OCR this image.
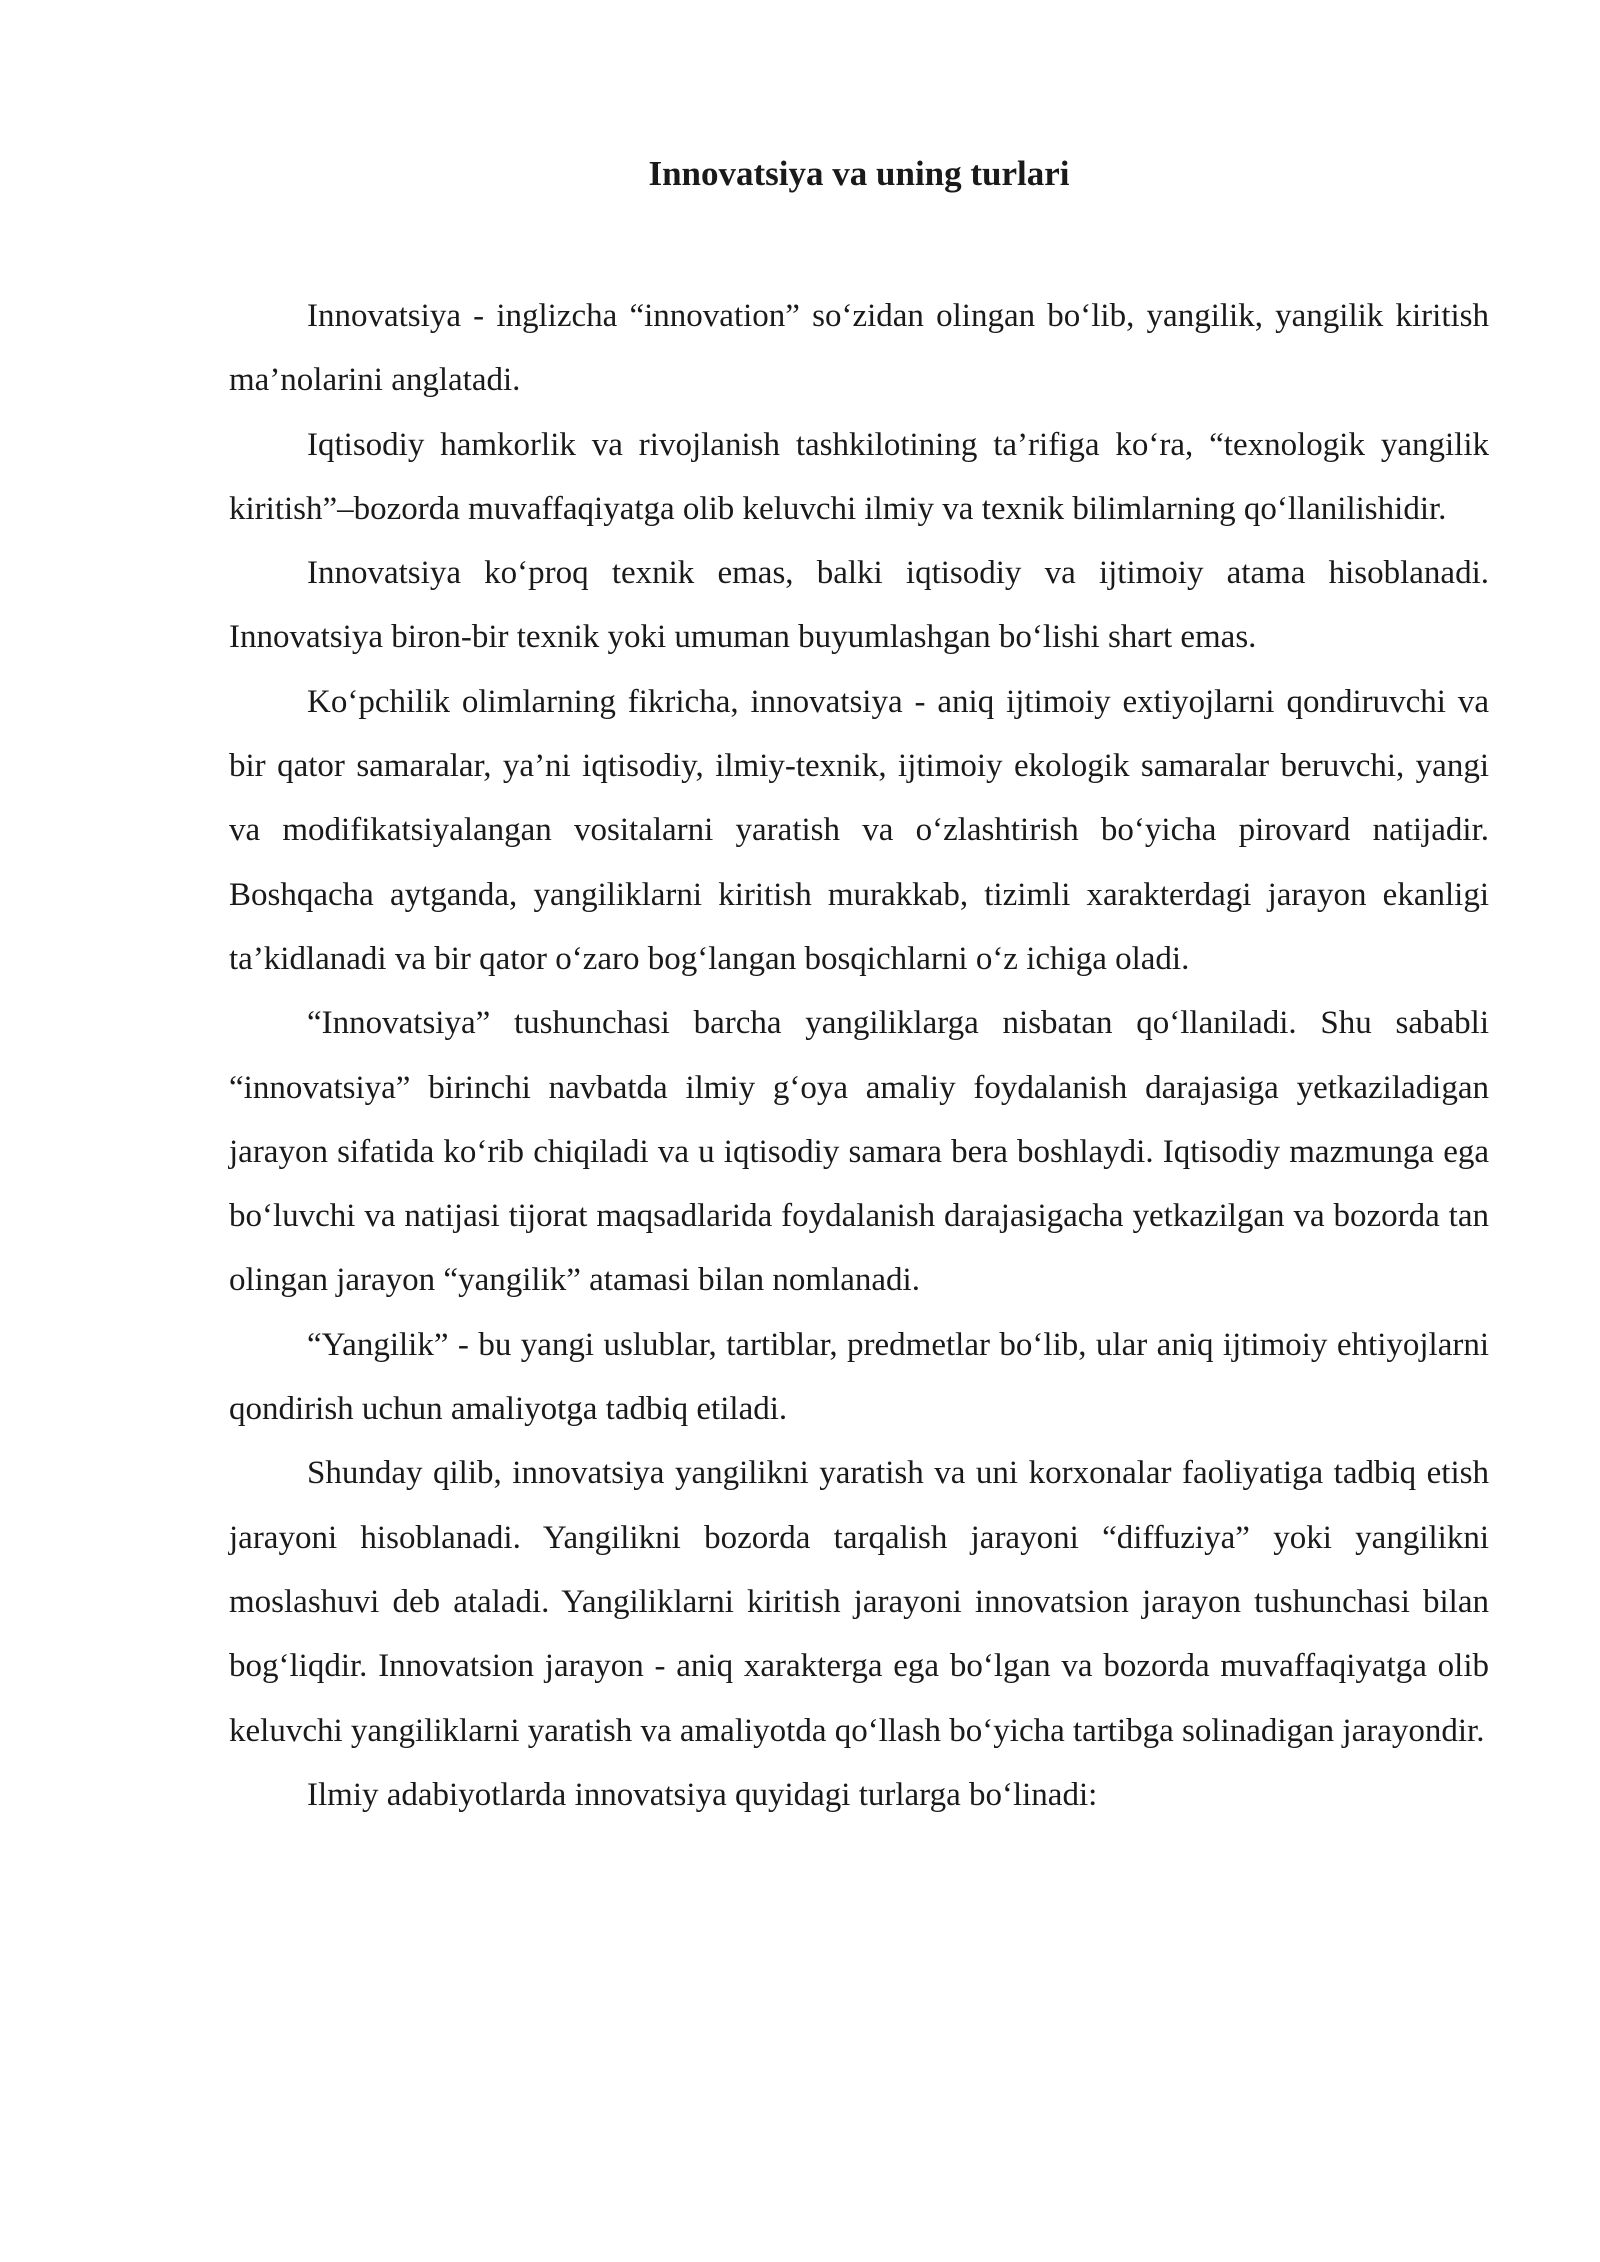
Innovatsiya va uning turlari

Innovatsiya - inglizcha “innovation” so‘zidan olingan bo‘lib, yangilik, yangilik kiritish ma’nolarini anglatadi.

Iqtisodiy hamkorlik va rivojlanish tashkilotining ta’rifiga ko‘ra, “texnologik yangilik kiritish”–bozorda muvaffaqiyatga olib keluvchi ilmiy va texnik bilimlarning qo‘llanilishidir.

Innovatsiya ko‘proq texnik emas, balki iqtisodiy va ijtimoiy atama hisoblanadi. Innovatsiya biron-bir texnik yoki umuman buyumlashgan bo‘lishi shart emas.

Ko‘pchilik olimlarning fikricha, innovatsiya - aniq ijtimoiy extiyojlarni qondiruvchi va bir qator samaralar, ya’ni iqtisodiy, ilmiy-texnik, ijtimoiy ekologik samaralar beruvchi, yangi va modifikatsiyalangan vositalarni yaratish va o‘zlashtirish bo‘yicha pirovard natijadir. Boshqacha aytganda, yangiliklarni kiritish murakkab, tizimli xarakterdagi jarayon ekanligi ta’kidlanadi va bir qator o‘zaro bog‘langan bosqichlarni o‘z ichiga oladi.

“Innovatsiya” tushunchasi barcha yangiliklarga nisbatan qo‘llaniladi. Shu sababli “innovatsiya” birinchi navbatda ilmiy g‘oya amaliy foydalanish darajasiga yetkaziladigan jarayon sifatida ko‘rib chiqiladi va u iqtisodiy samara bera boshlaydi. Iqtisodiy mazmunga ega bo‘luvchi va natijasi tijorat maqsadlarida foydalanish darajasigacha yetkazilgan va bozorda tan olingan jarayon “yangilik” atamasi bilan nomlanadi.

“Yangilik” - bu yangi uslublar, tartiblar, predmetlar bo‘lib, ular aniq ijtimoiy ehtiyojlarni qondirish uchun amaliyotga tadbiq etiladi.

Shunday qilib, innovatsiya yangilikni yaratish va uni korxonalar faoliyatiga tadbiq etish jarayoni hisoblanadi. Yangilikni bozorda tarqalish jarayoni “diffuziya” yoki yangilikni moslashuvi deb ataladi. Yangiliklarni kiritish jarayoni innovatsion jarayon tushunchasi bilan bog‘liqdir. Innovatsion jarayon - aniq xarakterga ega bo‘lgan va bozorda muvaffaqiyatga olib keluvchi yangiliklarni yaratish va amaliyotda qo‘llash bo‘yicha tartibga solinadigan jarayondir.

Ilmiy adabiyotlarda innovatsiya quyidagi turlarga bo‘linadi:
